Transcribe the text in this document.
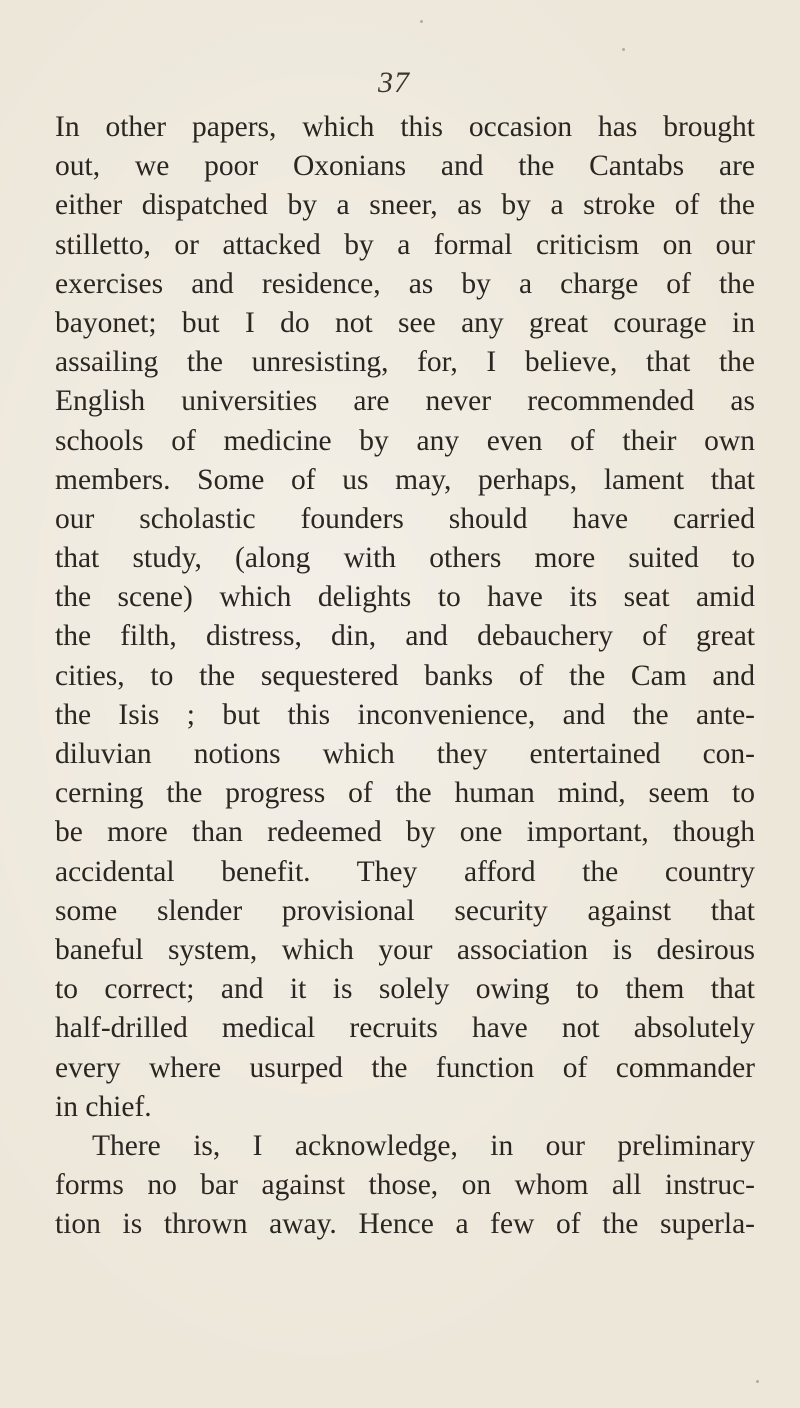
37
In other papers, which this occasion has brought
out, we poor Oxonians and the Cantabs are
either dispatched by a sneer, as by a stroke of the
stilletto, or attacked by a formal criticism on our
exercises and residence, as by a charge of the
bayonet; but I do not see any great courage in
assailing the unresisting, for, I believe, that the
English universities are never recommended as
schools of medicine by any even of their own
members. Some of us may, perhaps, lament that
our scholastic founders should have carried
that study, (along with others more suited to
the scene) which delights to have its seat amid
the filth, distress, din, and debauchery of great
cities, to the sequestered banks of the Cam and
the Isis ; but this inconvenience, and the ante-
diluvian notions which they entertained con-
cerning the progress of the human mind, seem to
be more than redeemed by one important, though
accidental benefit. They afford the country
some slender provisional security against that
baneful system, which your association is desirous
to correct; and it is solely owing to them that
half-drilled medical recruits have not absolutely
every where usurped the function of commander
in chief.
There is, I acknowledge, in our preliminary
forms no bar against those, on whom all instruc-
tion is thrown away. Hence a few of the superla-
